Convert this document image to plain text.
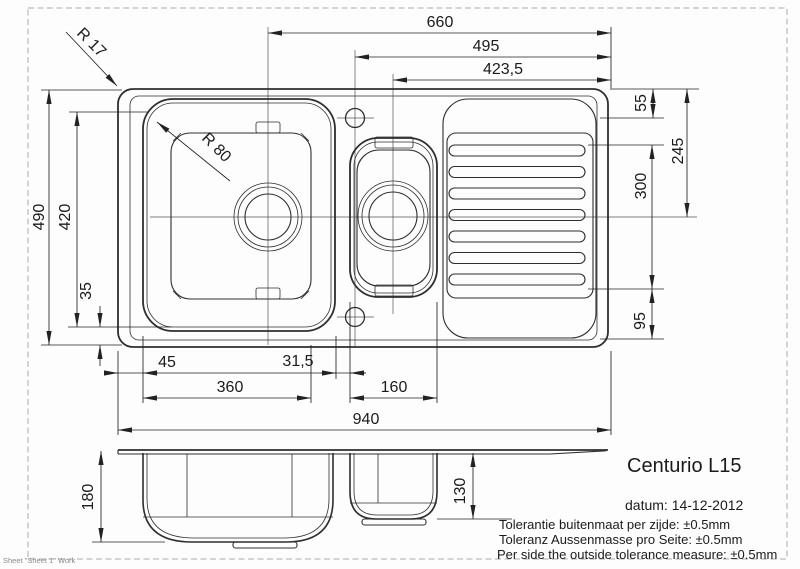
660
495
423,5
490 420
35
R 17
R 80
55
245
300
95
45	31,5
360	160
940
180	130
Centurio L15
datum: 14-12-2012
Tolerantie buitenmaat per zijde: ±0.5mm
Toleranz Aussenmasse pro Seite: ±0.5mm
Per side the outside tolerance measure: ±0.5mm
Sheet "Sheet 1" Work
